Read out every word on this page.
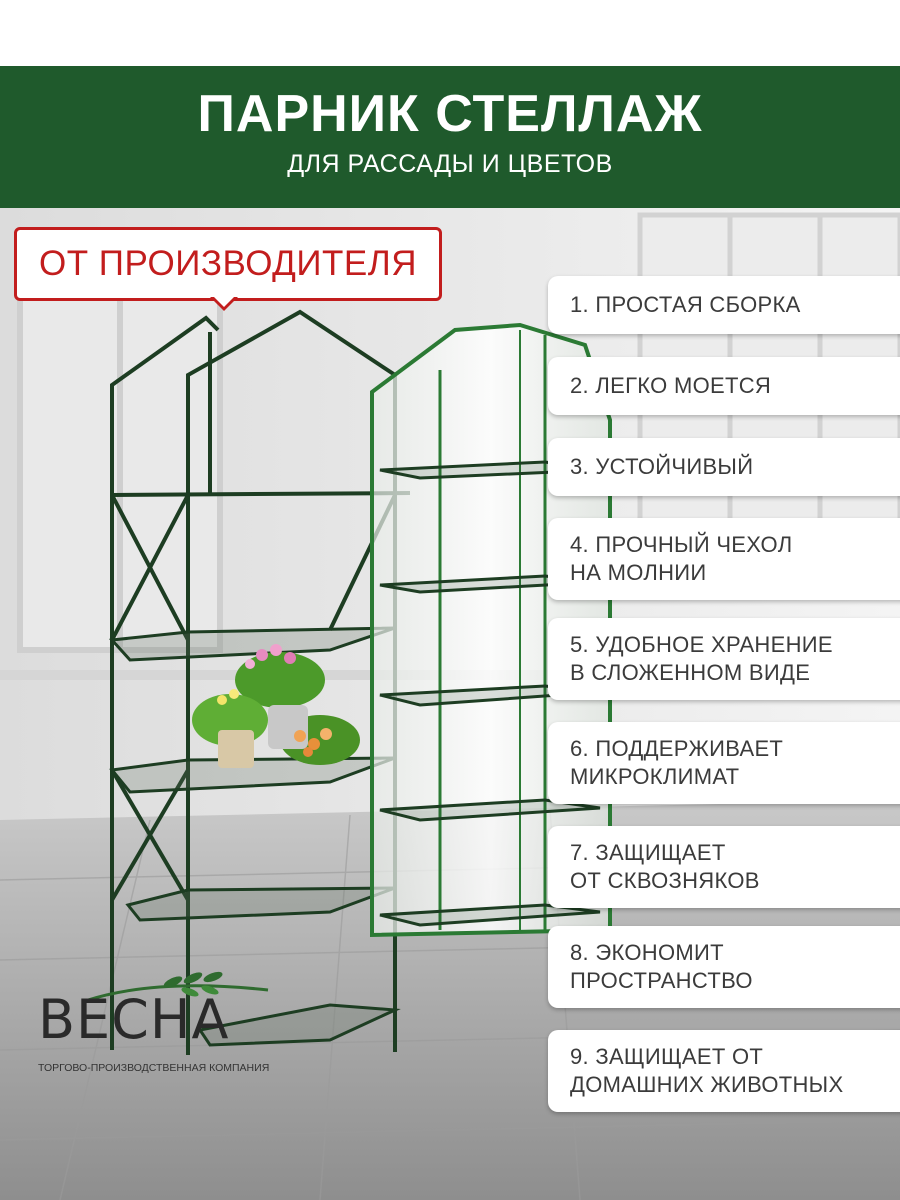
ПАРНИК СТЕЛЛАЖ
ДЛЯ РАССАДЫ И ЦВЕТОВ
ОТ ПРОИЗВОДИТЕЛЯ
1. ПРОСТАЯ СБОРКА
2. ЛЕГКО МОЕТСЯ
3. УСТОЙЧИВЫЙ
4. ПРОЧНЫЙ ЧЕХОЛ
НА МОЛНИИ
5. УДОБНОЕ ХРАНЕНИЕ
В СЛОЖЕННОМ ВИДЕ
6. ПОДДЕРЖИВАЕТ
МИКРОКЛИМАТ
7. ЗАЩИЩАЕТ
ОТ СКВОЗНЯКОВ
8. ЭКОНОМИТ
ПРОСТРАНСТВО
9. ЗАЩИЩАЕТ ОТ
ДОМАШНИХ ЖИВОТНЫХ
ВЕСНА
ТОРГОВО-ПРОИЗВОДСТВЕННАЯ КОМПАНИЯ
